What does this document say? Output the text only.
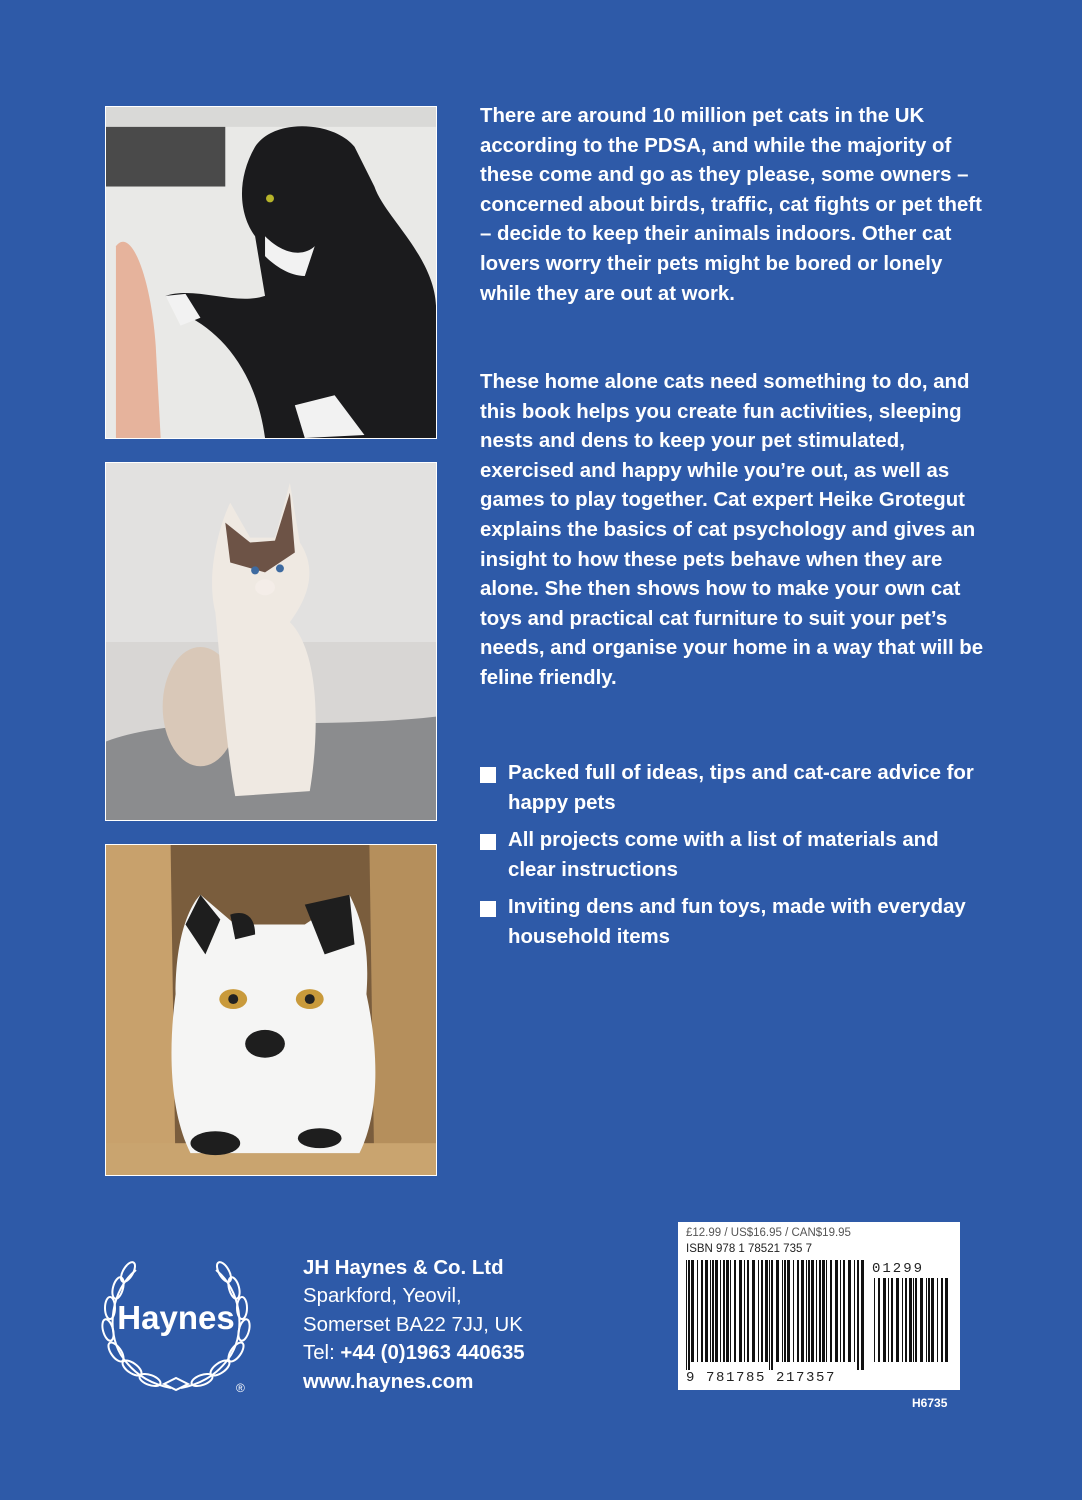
There are around 10 million pet cats in the UK according to the PDSA, and while the majority of these come and go as they please, some owners – concerned about birds, traffic, cat fights or pet theft – decide to keep their animals indoors. Other cat lovers worry their pets might be bored or lonely while they are out at work.

These home alone cats need something to do, and this book helps you create fun activities, sleeping nests and dens to keep your pet stimulated, exercised and happy while you’re out, as well as games to play together. Cat expert Heike Grotegut explains the basics of cat psychology and gives an insight to how these pets behave when they are alone. She then shows how to make your own cat toys and practical cat furniture to suit your pet’s needs, and organise your home in a way that will be feline friendly.

Packed full of ideas, tips and cat-care advice for happy pets
All projects come with a list of materials and clear instructions
Inviting dens and fun toys, made with everyday household items
Haynes
®
JH Haynes & Co. Ltd
Sparkford, Yeovil,
Somerset BA22 7JJ, UK
Tel: +44 (0)1963 440635
www.haynes.com
£12.99 / US$16.95 / CAN$19.95
ISBN 978 1 78521 735 7
01299
9 781785 217357
H6735
